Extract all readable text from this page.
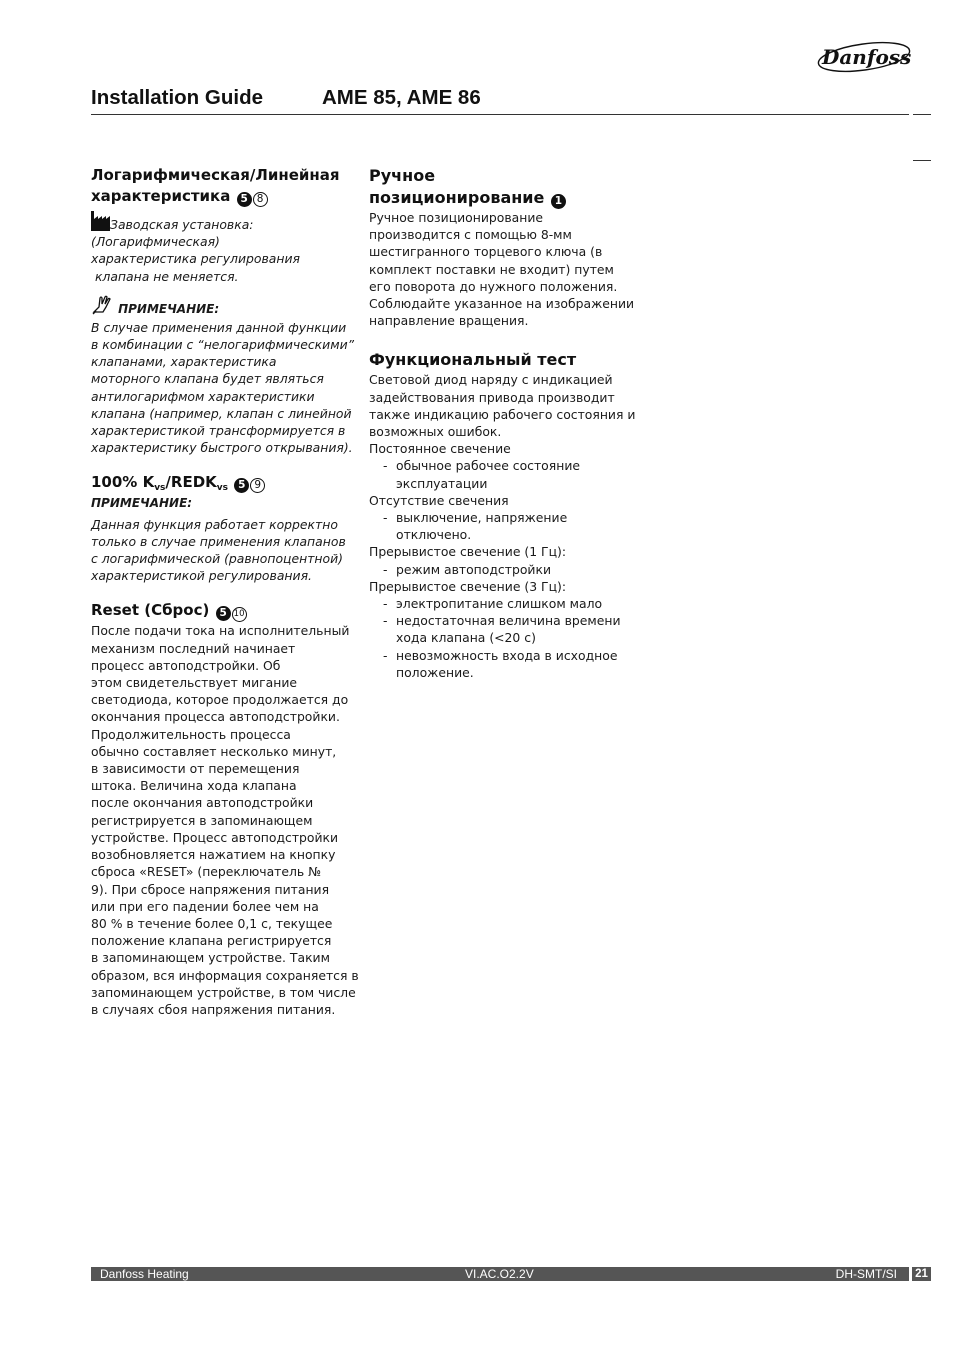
Danfoss
Installation Guide	AME 85, AME 86
Логарифмическая/Линейная характеристика 5 8

Заводская установка:

(Логарифмическая)

характеристика регулирования

клапана не меняется.

ПРИМЕЧАНИЕ:

В случае применения данной функции

в комбинации с “нелогарифмическими”

клапанами, характеристика

моторного клапана будет являться

антилогарифмом характеристики

клапана (например, клапан с линейной

характеристикой трансформируется в

характеристику быстрого открывания).

100% $K_{vs}/REDK_{vs}$ 5 9

ПРИМЕЧАНИЕ:

Данная функция работает корректно

только в случае применения клапанов

с логарифмической (равнопоцентной)

характеристикой регулирования.

Reset (Сброс) 5 10

После подачи тока на исполнительный

механизм последний начинает

процесс автоподстройки. Об

этом свидетельствует мигание

светодиода, которое продолжается до

окончания процесса автоподстройки.

Продолжительность процесса

обычно составляет несколько минут,

в зависимости от перемещения

штока. Величина хода клапана

после окончания автоподстройки

регистрируется в запоминающем

устройстве. Процесс автоподстройки

возобновляется нажатием на кнопку

сброса «RESET» (переключатель №

9). При сбросе напряжения питания

или при его падении более чем на

80 % в течение более 0,1 с, текущее

положение клапана регистрируется

в запоминающем устройстве. Таким

образом, вся информация сохраняется в

запоминающем устройстве, в том числе

в случаях сбоя напряжения питания.

Ручное
позиционирование 1

Ручное позиционирование

производится с помощью 8-мм

шестигранного торцевого ключа (в

комплект поставки не входит) путем

его поворота до нужного положения.

Соблюдайте указанное на изображении

направление вращения.

Функциональный тест

Световой диод наряду с индикацией

задействования привода производит

также индикацию рабочего состояния и

возможных ошибок.

Постоянное свечение

- обычное рабочее состояние
эксплуатации

Отсутствие свечения

- выключение, напряжение
отключено.

Прерывистое свечение (1 Гц):

- режим автоподстройки

Прерывистое свечение (3 Гц):

- электропитание слишком мало
- недостаточная величина времени
хода клапана (<20 с)
- невозможность входа в исходное
положение.
Danfoss Heating	VI.AC.O2.2V	DH-SMT/SI 21
